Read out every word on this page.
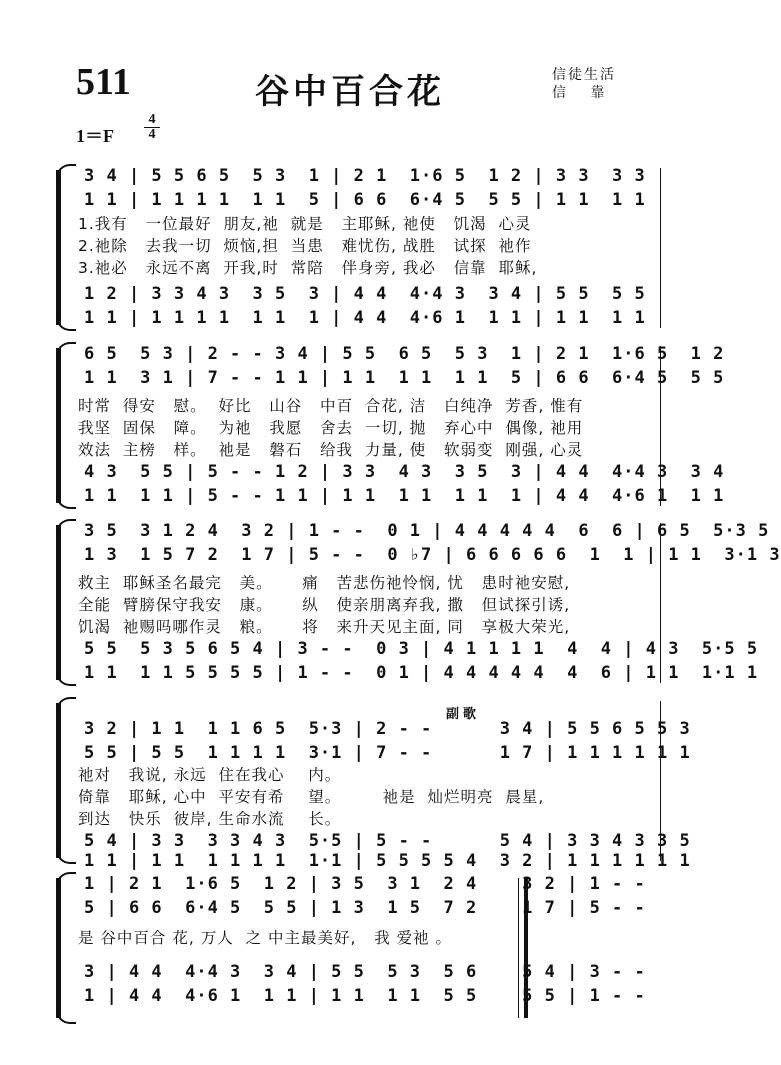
511	谷中百合花	信徒生活
信 靠
1＝F
4
4
3 4 | 5 5 6 5  5 3  1 | 2 1  1·6 5  1 2 | 3 3  3 3
1 1 | 1 1 1 1  1 1  5 | 6 6  6·4 5  5 5 | 1 1  1 1
1.我有   一位最好  朋友,祂  就是   主耶稣, 祂使   饥渴  心灵
2.祂除   去我一切  烦恼,担  当患   难忧伤, 战胜   试探  祂作
3.祂必   永远不离  开我,时  常陪   伴身旁, 我必   信靠  耶稣,
1 2 | 3 3 4 3  3 5  3 | 4 4  4·4 3  3 4 | 5 5  5 5
1 1 | 1 1 1 1  1 1  1 | 4 4  4·6 1  1 1 | 1 1  1 1
6 5  5 3 | 2 - - 3 4 | 5 5  6 5  5 3  1 | 2 1  1·6 5  1 2
1 1  3 1 | 7 - - 1 1 | 1 1  1 1  1 1  5 | 6 6  6·4 5  5 5
时常  得安   慰。  好比   山谷   中百  合花, 洁   白纯净  芳香, 惟有
我坚  固保   障。  为祂   我愿   舍去  一切, 抛   弃心中  偶像, 祂用
效法  主榜   样。  祂是   磐石   给我  力量, 使   软弱变  刚强, 心灵
4 3  5 5 | 5 - - 1 2 | 3 3  4 3  3 5  3 | 4 4  4·4 3  3 4
1 1  1 1 | 5 - - 1 1 | 1 1  1 1  1 1  1 | 4 4  4·6 1  1 1
3 5  3 1 2 4  3 2 | 1 - -  0 1 | 4 4 4 4 4  6  6 | 6 5  5·3 5
1 3  1 5 7 2  1 7 | 5 - -  0 ♭7 | 6 6 6 6 6  1  1 | 1 1  3·1 3
救主  耶稣圣名最完   美。     痛   苦悲伤祂怜悯, 忧   患时祂安慰,
全能  臂膀保守我安   康。     纵   使亲朋离弃我, 撒   但试探引诱,
饥渴  祂赐吗哪作灵   粮。     将   来升天见主面, 同   享极大荣光,
5 5  5 3 5 6 5 4 | 3 - -  0 3 | 4 1 1 1 1  4  4 | 4 3  5·5 5
1 1  1 1 5 5 5 5 | 1 - -  0 1 | 4 4 4 4 4  4  6 | 1 1  1·1 1
副歌
3 2 | 1 1  1 1 6 5  5·3 | 2 - -      3 4 | 5 5 6 5 5 3
5 5 | 5 5  1 1 1 1  3·1 | 7 - -      1 7 | 1 1 1 1 1 1
祂对   我说, 永远  住在我心    内。
倚靠   耶稣, 心中  平安有希    望。       祂是  灿烂明亮  晨星,
到达   快乐  彼岸, 生命水流    长。
5 4 | 3 3  3 3 4 3  5·5 | 5 - -      5 4 | 3 3 4 3 3 5
1 1 | 1 1  1 1 1 1  1·1 | 5 5 5 5 4  3 2 | 1 1 1 1 1 1
1 | 2 1  1·6 5  1 2 | 3 5  3 1  2 4    3 2 | 1 - -
5 | 6 6  6·4 5  5 5 | 1 3  1 5  7 2    1 7 | 5 - -
是 谷中百合 花, 万人  之 中主最美好,   我 爱祂 。
3 | 4 4  4·4 3  3 4 | 5 5  5 3  5 6    5 4 | 3 - -
1 | 4 4  4·6 1  1 1 | 1 1  1 1  5 5    5 5 | 1 - -
